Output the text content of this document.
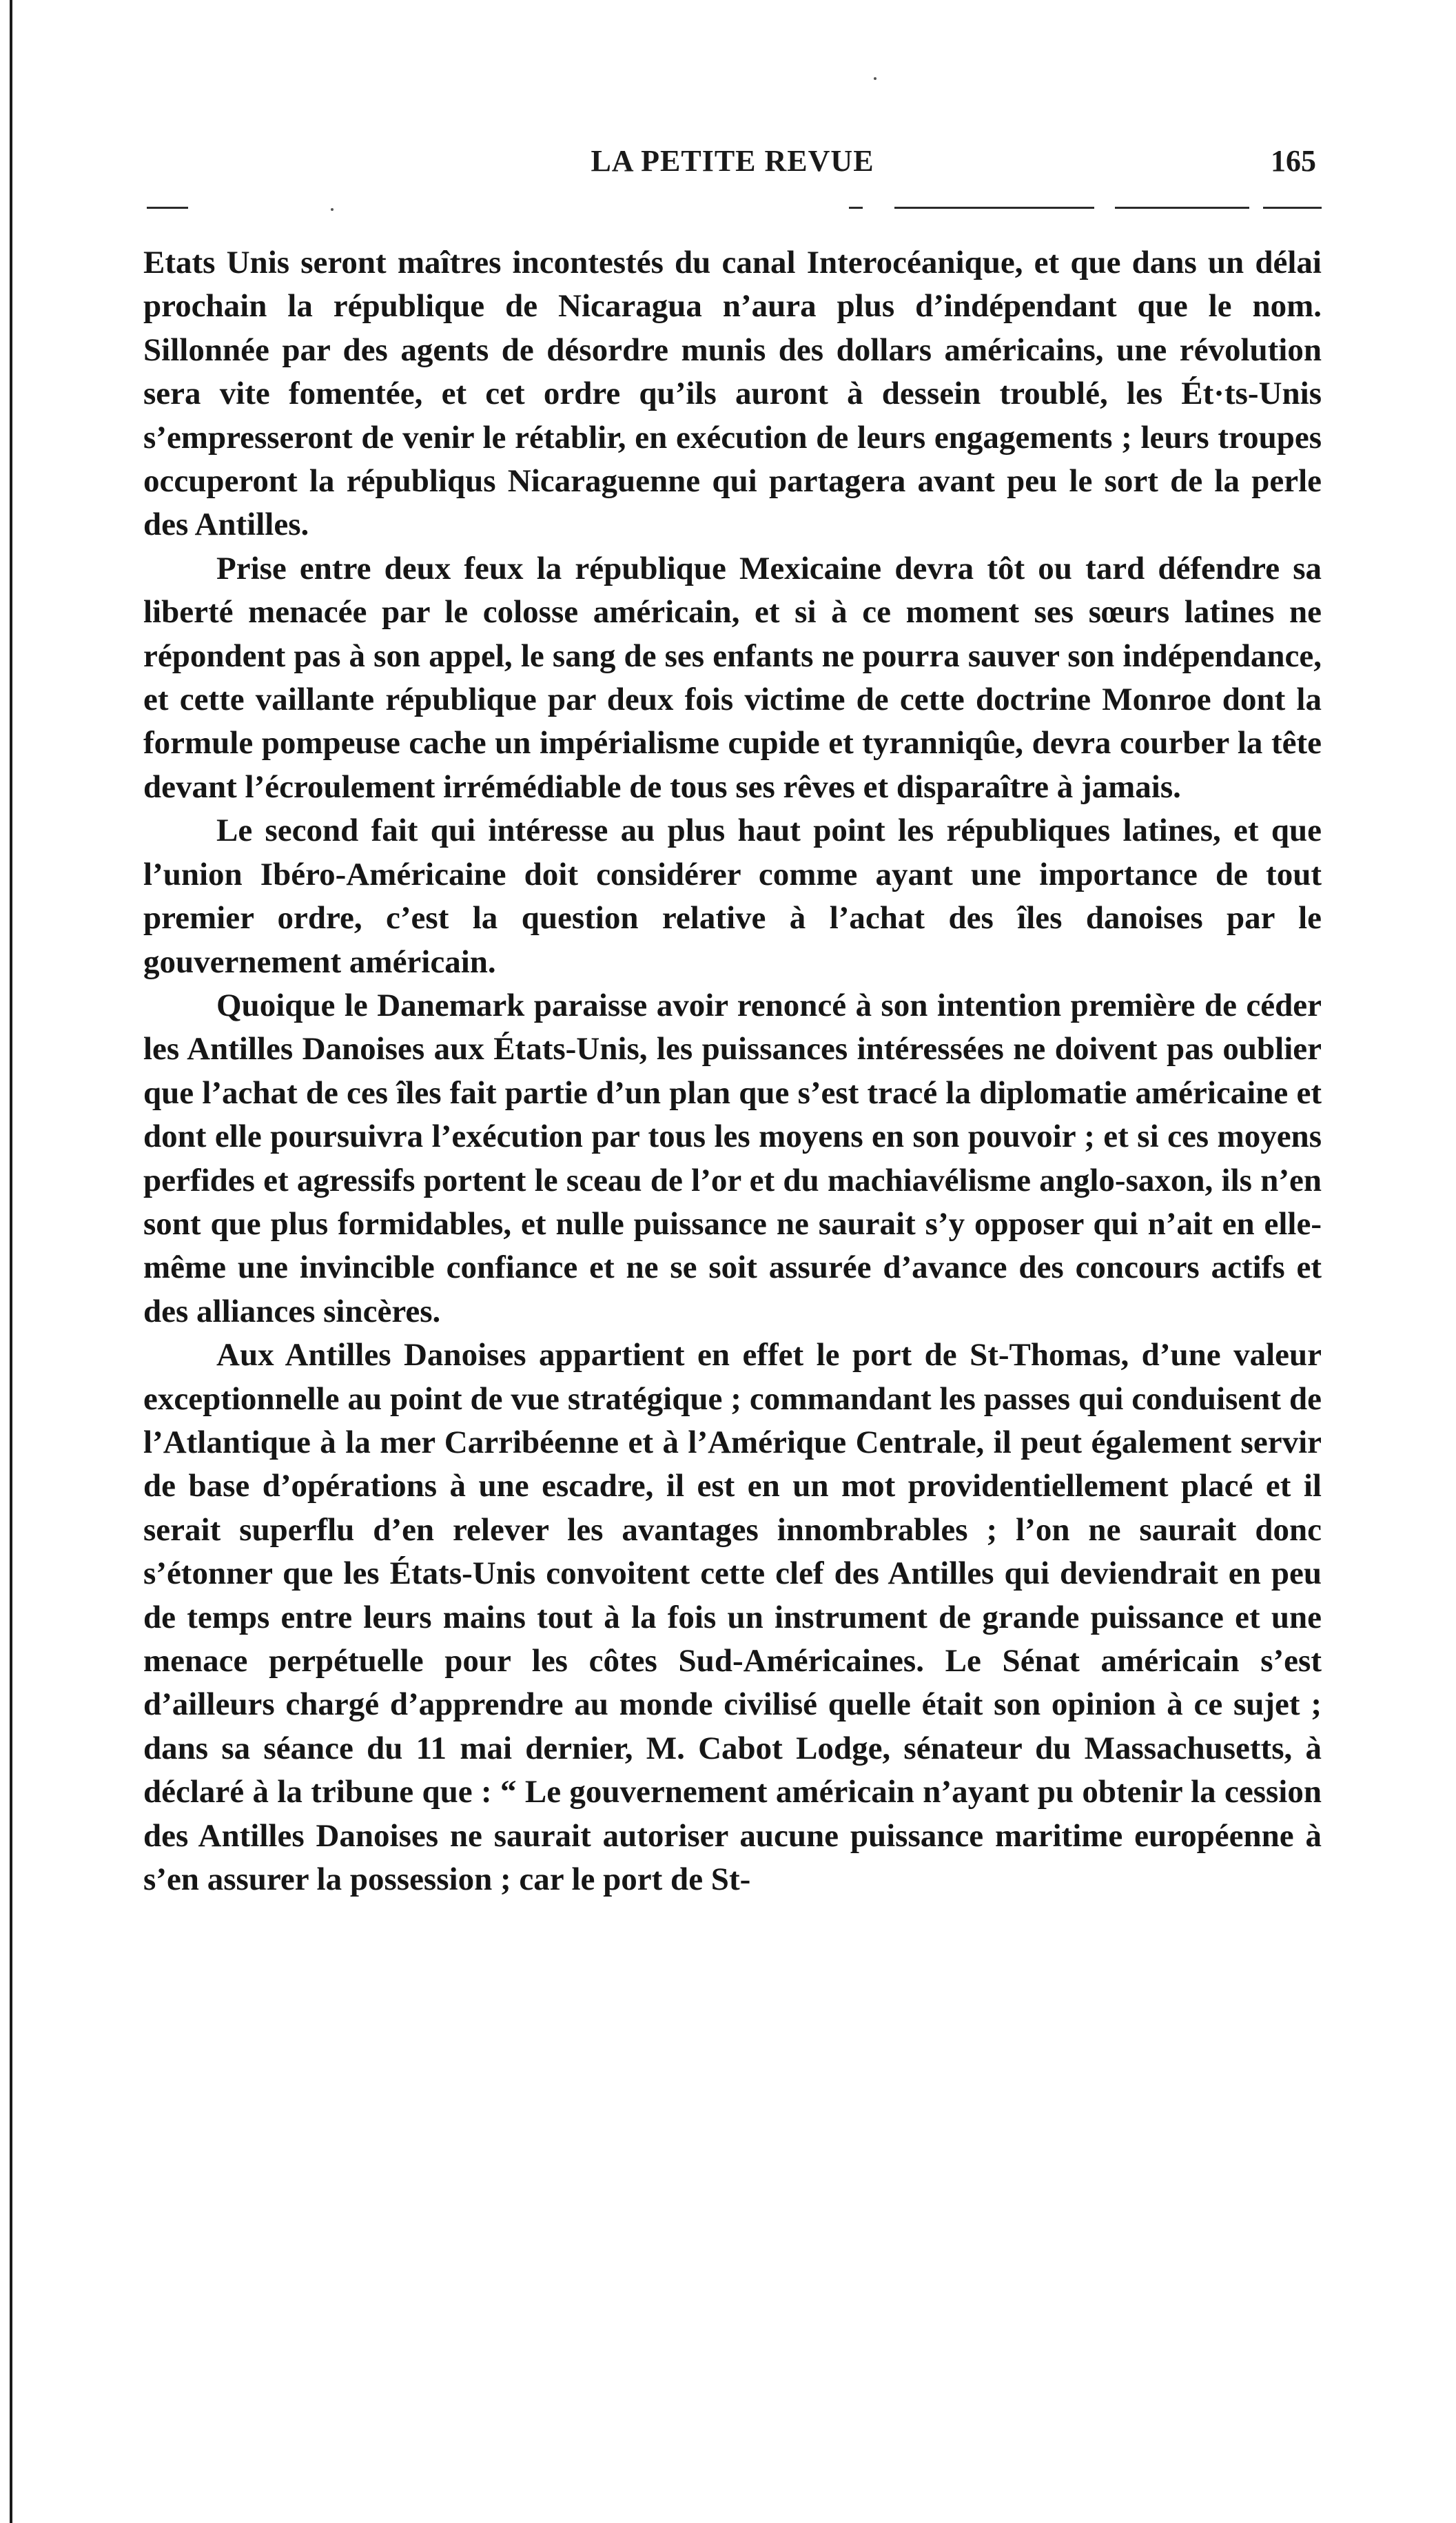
LA PETITE REVUE	165

Etats Unis seront maîtres incontestés du canal Interocéanique, et que dans un délai prochain la république de Nicaragua n’aura plus d’indépendant que le nom. Sillonnée par des agents de désordre munis des dollars américains, une révolution sera vite fomentée, et cet ordre qu’ils auront à dessein troublé, les Ét·ts-Unis s’empresseront de venir le rétablir, en exécution de leurs engagements ; leurs troupes occuperont la républiqus Nicaraguenne qui partagera avant peu le sort de la perle des Antilles.

Prise entre deux feux la république Mexicaine devra tôt ou tard défendre sa liberté menacée par le colosse américain, et si à ce moment ses sœurs latines ne répondent pas à son appel, le sang de ses enfants ne pourra sauver son indépendance, et cette vaillante république par deux fois victime de cette doctrine Monroe dont la formule pompeuse cache un impérialisme cupide et tyranniqûe, devra courber la tête devant l’écroulement irrémédiable de tous ses rêves et disparaître à jamais.

Le second fait qui intéresse au plus haut point les républiques latines, et que l’union Ibéro-Américaine doit considérer comme ayant une importance de tout premier ordre, c’est la question relative à l’achat des îles danoises par le gouvernement américain.

Quoique le Danemark paraisse avoir renoncé à son intention première de céder les Antilles Danoises aux États-Unis, les puissances intéressées ne doivent pas oublier que l’achat de ces îles fait partie d’un plan que s’est tracé la diplomatie américaine et dont elle poursuivra l’exécution par tous les moyens en son pouvoir ; et si ces moyens perfides et agressifs portent le sceau de l’or et du machiavélisme anglo-saxon, ils n’en sont que plus formidables, et nulle puissance ne saurait s’y opposer qui n’ait en elle-même une invincible confiance et ne se soit assurée d’avance des concours actifs et des alliances sincères.

Aux Antilles Danoises appartient en effet le port de St-Thomas, d’une valeur exceptionnelle au point de vue stratégique ; commandant les passes qui conduisent de l’Atlantique à la mer Carribéenne et à l’Amérique Centrale, il peut également servir de base d’opérations à une escadre, il est en un mot providentiellement placé et il serait superflu d’en relever les avantages innombrables ; l’on ne saurait donc s’étonner que les États-Unis convoitent cette clef des Antilles qui deviendrait en peu de temps entre leurs mains tout à la fois un instrument de grande puissance et une menace perpétuelle pour les côtes Sud-Américaines. Le Sénat américain s’est d’ailleurs chargé d’apprendre au monde civilisé quelle était son opinion à ce sujet ; dans sa séance du 11 mai dernier, M. Cabot Lodge, sénateur du Massachusetts, à déclaré à la tribune que : “ Le gouvernement américain n’ayant pu obtenir la cession des Antilles Danoises ne saurait autoriser aucune puissance maritime européenne à s’en assurer la possession ; car le port de St-
